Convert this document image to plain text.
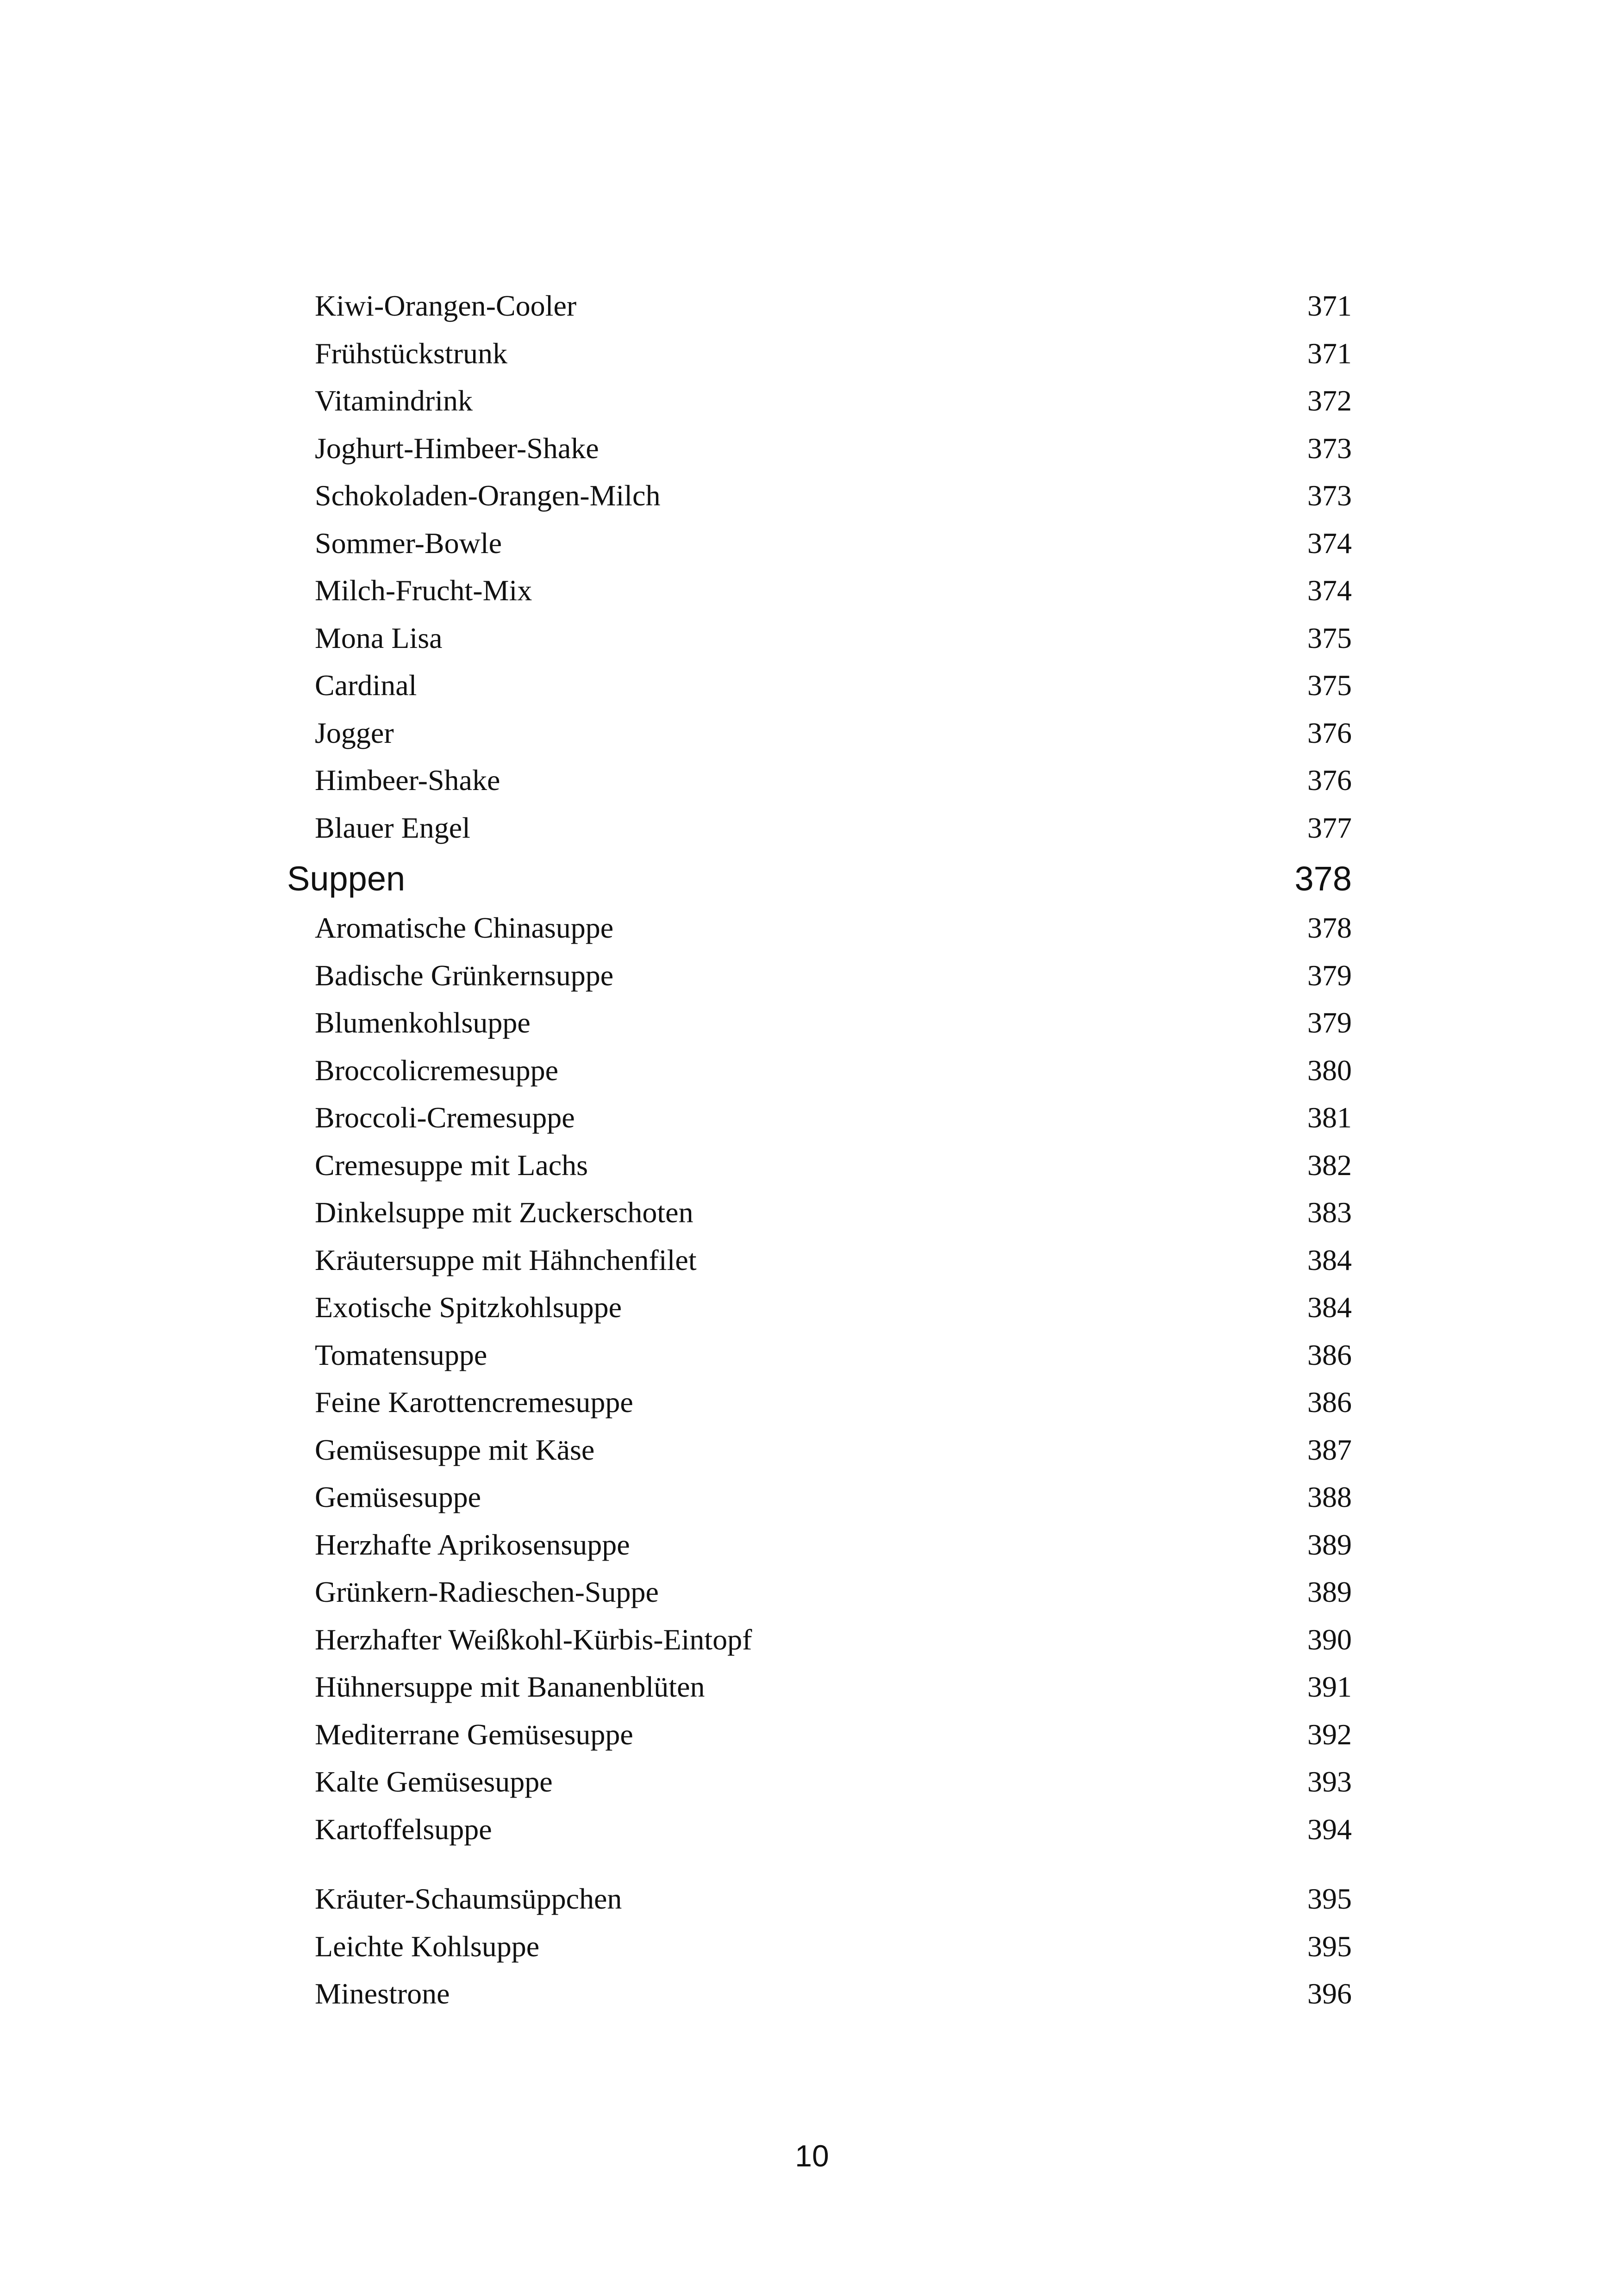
Kiwi-Orangen-Cooler	371
Frühstückstrunk	371
Vitamindrink	372
Joghurt-Himbeer-Shake	373
Schokoladen-Orangen-Milch	373
Sommer-Bowle	374
Milch-Frucht-Mix	374
Mona Lisa	375
Cardinal	375
Jogger	376
Himbeer-Shake	376
Blauer Engel	377
Suppen	378
Aromatische Chinasuppe	378
Badische Grünkernsuppe	379
Blumenkohlsuppe	379
Broccolicremesuppe	380
Broccoli-Cremesuppe	381
Cremesuppe mit Lachs	382
Dinkelsuppe mit Zuckerschoten	383
Kräutersuppe mit Hähnchenfilet	384
Exotische Spitzkohlsuppe	384
Tomatensuppe	386
Feine Karottencremesuppe	386
Gemüsesuppe mit Käse	387
Gemüsesuppe	388
Herzhafte Aprikosensuppe	389
Grünkern-Radieschen-Suppe	389
Herzhafter Weißkohl-Kürbis-Eintopf	390
Hühnersuppe mit Bananenblüten	391
Mediterrane Gemüsesuppe	392
Kalte Gemüsesuppe	393
Kartoffelsuppe	394
Kräuter-Schaumsüppchen	395
Leichte Kohlsuppe	395
Minestrone	396
10
